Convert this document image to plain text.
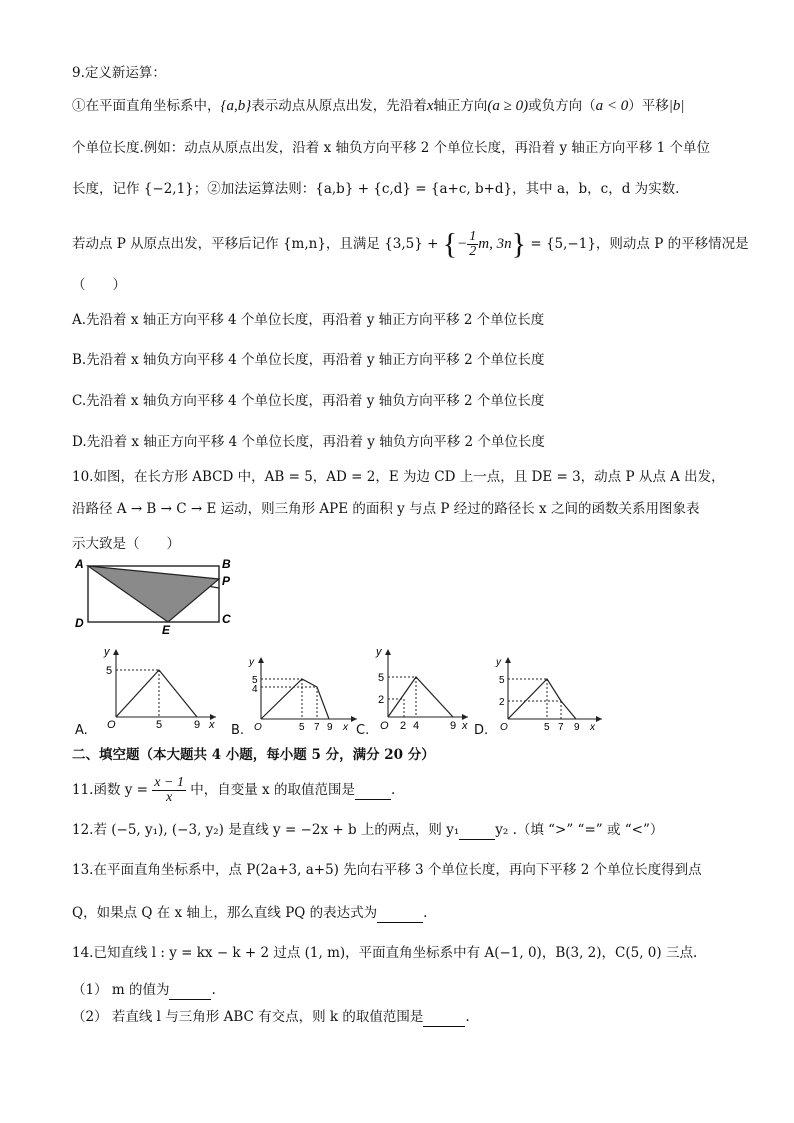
9.定义新运算：
①在平面直角坐标系中，{a,b}表示动点从原点出发，先沿着x轴正方向(a ≥ 0)或负方向（a < 0）平移|b|
个单位长度.例如：动点从原点出发，沿着 x 轴负方向平移 2 个单位长度，再沿着 y 轴正方向平移 1 个单位
长度，记作 {−2,1}；②加法运算法则：{a,b} + {c,d} = {a+c, b+d}，其中 a，b，c，d 为实数.
若动点 P 从原点出发，平移后记作 {m,n}，且满足 {3,5} + {− $\frac{1}{2} m$, 3n} = {5,−1}，则动点 P 的平移情况是
（　　）
A.先沿着 x 轴正方向平移 4 个单位长度，再沿着 y 轴正方向平移 2 个单位长度
B.先沿着 x 轴负方向平移 4 个单位长度，再沿着 y 轴正方向平移 2 个单位长度
C.先沿着 x 轴负方向平移 4 个单位长度，再沿着 y 轴负方向平移 2 个单位长度
D.先沿着 x 轴正方向平移 4 个单位长度，再沿着 y 轴负方向平移 2 个单位长度
10.如图，在长方形 ABCD 中，AB = 5，AD = 2，E 为边 CD 上一点，且 DE = 3，动点 P 从点 A 出发，
沿路径 A → B → C → E 运动，则三角形 APE 的面积 y 与点 P 经过的路径长 x 之间的函数关系用图象表
示大致是（　　）
A	B
P
C
D	E
y
5
O	5	9 x
A.
y
5
4
O	5 7 9 x
B.
y
5
2
O 2 4	9 x
C.
y
5
2
O	5 7 9 x
D.
二、填空题（本大题共 4 小题，每小题 5 分，满分 20 分）
11.函数 $y = \frac{x - 1}{x}$ 中，自变量 x 的取值范围是	.
12.若 (−5, y₁), (−3, y₂) 是直线 y = −2x + b 上的两点，则 y₁	y₂ .（填 “>” “=” 或 “<”）
13.在平面直角坐标系中，点 P(2a+3, a+5) 先向右平移 3 个单位长度，再向下平移 2 个单位长度得到点
Q，如果点 Q 在 x 轴上，那么直线 PQ 的表达式为	.
14.已知直线 l : y = kx − k + 2 过点 (1, m)，平面直角坐标系中有 A(−1, 0)，B(3, 2)，C(5, 0) 三点.
（1） m 的值为	.
（2） 若直线 l 与三角形 ABC 有交点，则 k 的取值范围是	.
